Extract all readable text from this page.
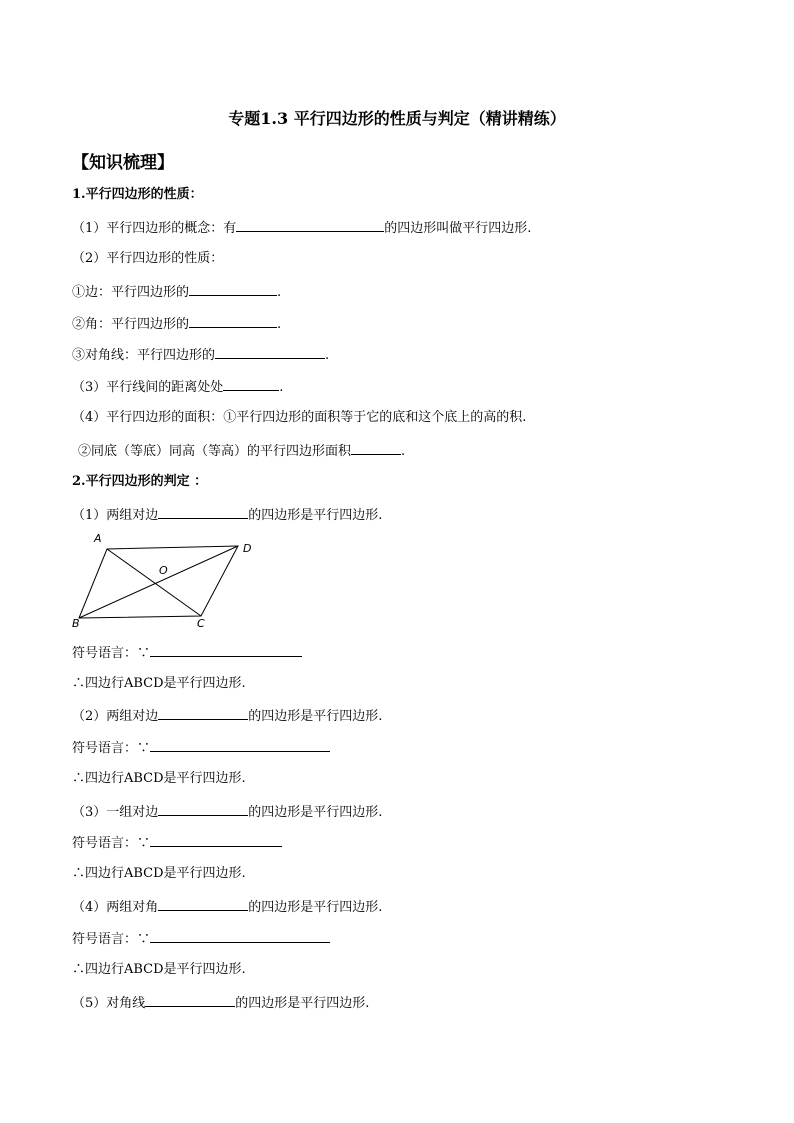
专题1.3 平行四边形的性质与判定（精讲精练）
【知识梳理】
1.平行四边形的性质：
（1）平行四边形的概念：有	的四边形叫做平行四边形.
（2）平行四边形的性质：
①边：平行四边形的	.
②角：平行四边形的	.
③对角线：平行四边形的	.
（3）平行线间的距离处处	.
（4）平行四边形的面积：①平行四边形的面积等于它的底和这个底上的高的积.
②同底（等底）同高（等高）的平行四边形面积	.
2.平行四边形的判定 ：
（1）两组对边	的四边形是平行四边形.
A
D
O
B	C
符号语言：∵
∴四边行ABCD是平行四边形.
（2）两组对边	的四边形是平行四边形.
符号语言：∵
∴四边行ABCD是平行四边形.
（3）一组对边	的四边形是平行四边形.
符号语言：∵
∴四边行ABCD是平行四边形.
（4）两组对角	的四边形是平行四边形.
符号语言：∵
∴四边行ABCD是平行四边形.
（5）对角线	的四边形是平行四边形.
